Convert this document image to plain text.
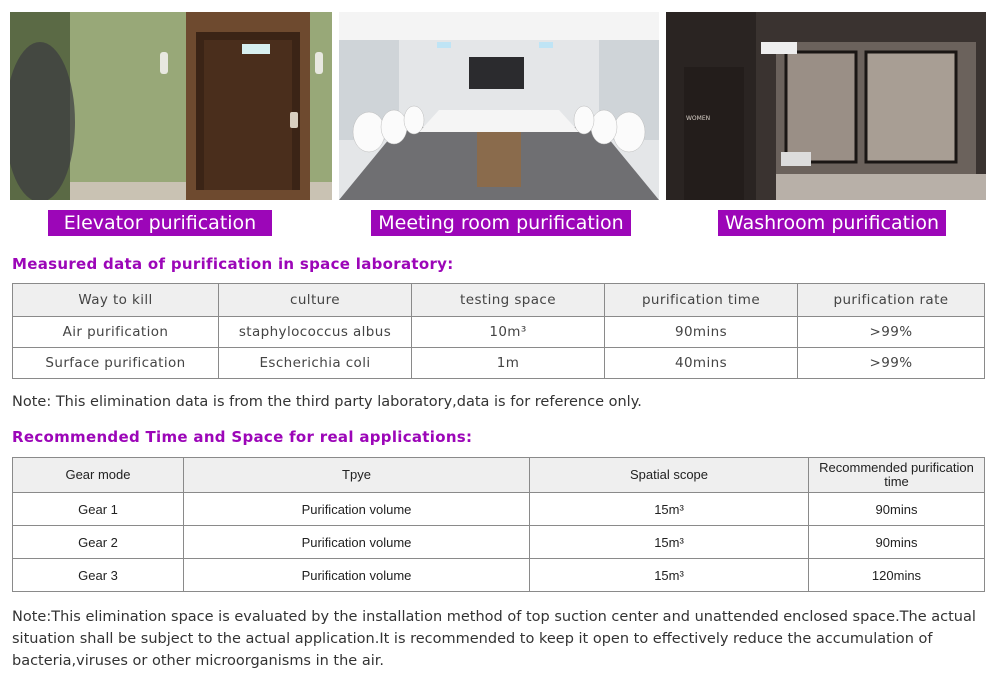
WOMEN
Elevator purification	Meeting room purification	Washroom purification
Measured data of purification in space laboratory:
Way to kill	culture	testing space	purification time	purification rate
Air purification	staphylococcus albus	10m³	90mins	>99%
Surface purification	Escherichia coli	1m	40mins	>99%
Note: This elimination data is from the third party laboratory,data is for reference only.
Recommended Time and Space for real applications:
Gear mode	Tpye	Spatial scope	Recommended purification time
Gear 1	Purification volume	15m³	90mins
Gear 2	Purification volume	15m³	90mins
Gear 3	Purification volume	15m³	120mins
Note:This elimination space is evaluated by the installation method of top suction center and unattended enclosed space.The actual situation shall be subject to the actual application.It is recommended to keep it open to effectively reduce the accumulation of bacteria,viruses or other microorganisms in the air.
